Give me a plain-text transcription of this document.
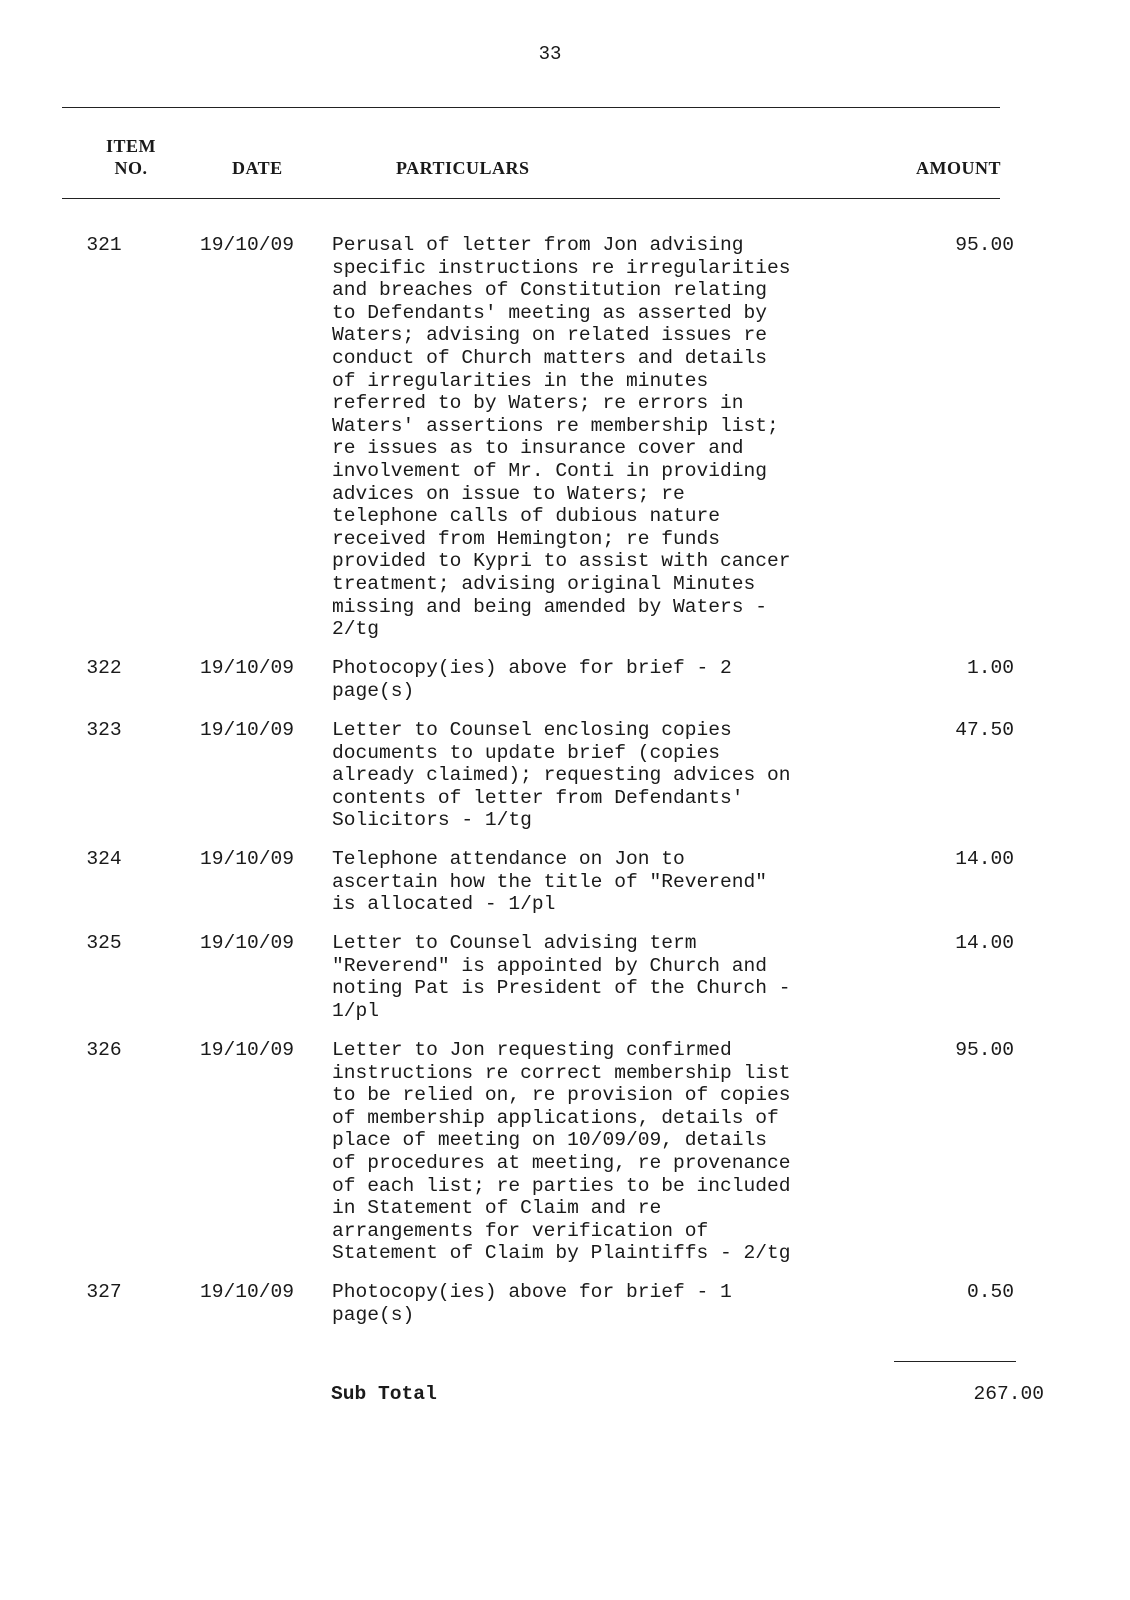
33
ITEM
NO.	DATE	PARTICULARS	AMOUNT
321	19/10/09 Perusal of letter from Jon advising
specific instructions re irregularities
and breaches of Constitution relating
to Defendants' meeting as asserted by
Waters; advising on related issues re
conduct of Church matters and details
of irregularities in the minutes
referred to by Waters; re errors in
Waters' assertions re membership list;
re issues as to insurance cover and
involvement of Mr. Conti in providing
advices on issue to Waters; re
telephone calls of dubious nature
received from Hemington; re funds
provided to Kypri to assist with cancer
treatment; advising original Minutes
missing and being amended by Waters -
2/tg
95.00
322	19/10/09 Photocopy(ies) above for brief - 2
page(s)
1.00
323	19/10/09 Letter to Counsel enclosing copies
documents to update brief (copies
already claimed); requesting advices on
contents of letter from Defendants'
Solicitors - 1/tg
47.50
324	19/10/09 Telephone attendance on Jon to
ascertain how the title of "Reverend"
is allocated - 1/pl
14.00
325	19/10/09 Letter to Counsel advising term
"Reverend" is appointed by Church and
noting Pat is President of the Church -
1/pl
14.00
326	19/10/09 Letter to Jon requesting confirmed
instructions re correct membership list
to be relied on, re provision of copies
of membership applications, details of
place of meeting on 10/09/09, details
of procedures at meeting, re provenance
of each list; re parties to be included
in Statement of Claim and re
arrangements for verification of
Statement of Claim by Plaintiffs - 2/tg
95.00
327	19/10/09 Photocopy(ies) above for brief - 1
page(s)
0.50
Sub Total	267.00
